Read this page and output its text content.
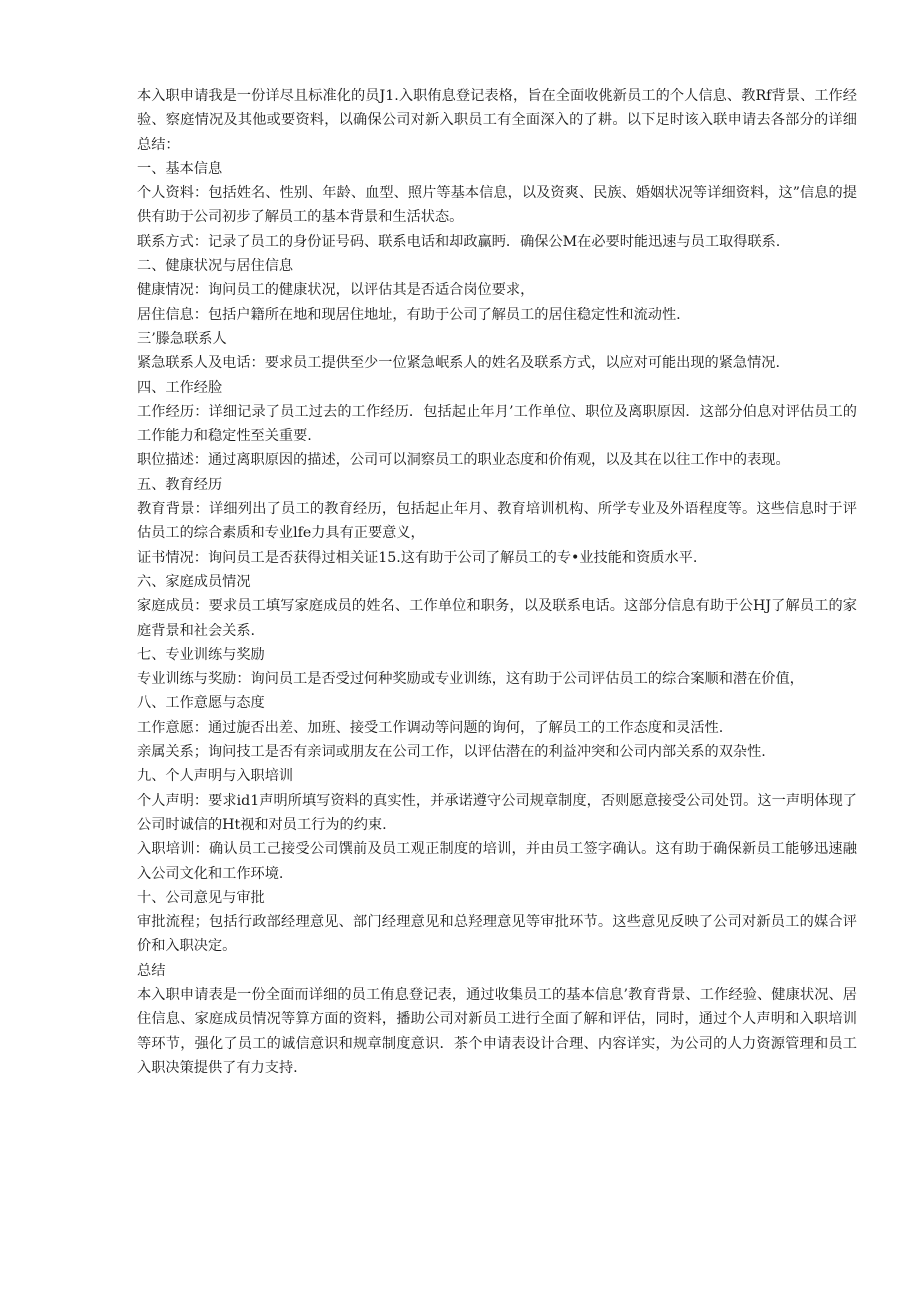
本入职申请我是一份详尽且标准化的员J1.入职侑息登记表格，旨在全面收佻新员工的个人信息、教Rf背景、工作经验、察庭情况及其他或要资料，以确保公司对新入职员工有全面深入的了耕。以下足时该入联申请去各部分的详细总结：

一、基本信息

个人资料：包括姓名、性别、年龄、血型、照片等基本信息，以及资爽、民族、婚姻状况等详细资料，这”信息的提供有助于公司初步了解员工的基本背景和生活状态。

联系方式：记录了员工的身份证号码、联系电话和却政赢眄．确保公M在必要时能迅速与员工取得联系.

二、健康状况与居住信息

健康情况：询问员工的健康状况，以评估其是否适合岗位要求，

居住信息：包括户籍所在地和现居住地址，有助于公司了解员工的居住稳定性和流动性.

三’滕急联系人

紧急联系人及电话：要求员工提供至少一位紧急岷系人的姓名及联系方式，以应对可能出现的紧急情况.

四、工作经脸

工作经历：详细记录了员工过去的工作经历．包括起止年月’工作单位、职位及离职原因．这部分伯息对评估员工的工作能力和稳定性至关重要.

职位描述：通过离职原因的描述，公司可以洞察员工的职业态度和价侑观，以及其在以往工作中的表现。

五、教育经历

教育背景：详细列出了员工的教育经历，包括起止年月、教育培训机构、所学专业及外语程度等。这些信息时于评估员工的综合素质和专业lfe力具有正要意义，

证书情况：询问员工是否获得过相关证15.这有助于公司了解员工的专•业技能和资质水平.

六、家庭成员情况

家庭成员：要求员工填写家庭成员的姓名、工作单位和职务，以及联系电话。这部分信息有助于公HJ了解员工的家庭背景和社会关系.

七、专业训练与奖励

专业训练与奖励：询问员工是否受过何种奖励或专业训练，这有助于公司评估员工的综合案顺和潜在价值，

八、工作意愿与态度

工作意愿：通过旎否出差、加班、接受工作调动等问题的询何，了解员工的工作态度和灵活性.

亲属关系；询问技工是否有亲词或朋友在公司工作，以评估潜在的利益冲突和公司内部关系的双杂性.

九、个人声明与入职培训

个人声明：要求id1声明所填写资料的真实性，并承诺遵守公司规章制度，否则愿意接受公司处罚。这一声明体现了公司时诚信的Ht视和对员工行为的约束.

入职培训：确认员工己接受公司馔前及员工观正制度的培训，并由员工签字确认。这有助于确保新员工能够迅速融入公司文化和工作环境.

十、公司意见与审批

审批流程；包括行政部经理意见、部门经理意见和总羟理意见等审批环节。这些意见反映了公司对新员工的媒合评价和入职决定。

总结

本入职申请表是一份全面而详细的员工侑息登记表，通过收集员工的基本信息’教育背景、工作经验、健康状况、居住信息、家庭成员情况等算方面的资料，播助公司对新员工进行全面了解和评估，同时，通过个人声明和入职培训等环节，强化了员工的诚信意识和规章制度意识．茶个申请表设计合理、内容详实，为公司的人力资源管理和员工入职决策提供了有力支持.
